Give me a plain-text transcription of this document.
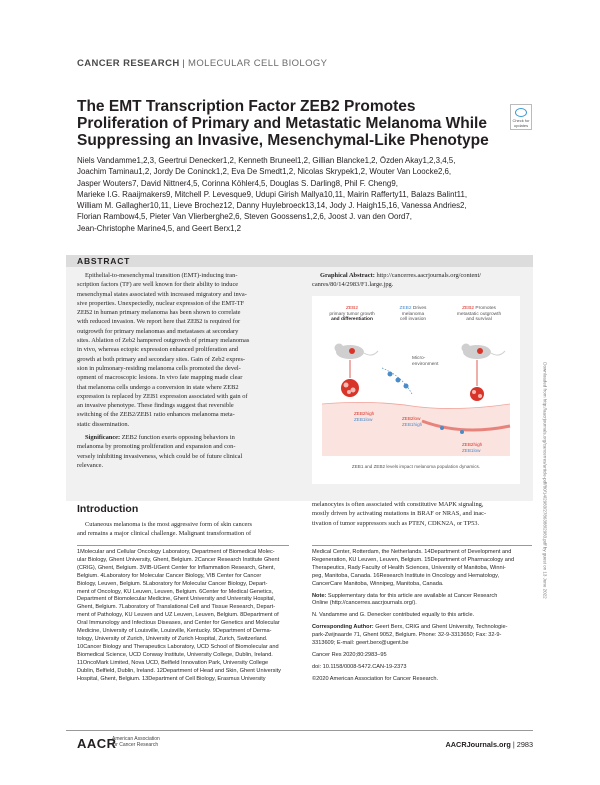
CANCER RESEARCH | MOLECULAR CELL BIOLOGY
The EMT Transcription Factor ZEB2 Promotes
Proliferation of Primary and Metastatic Melanoma While
Suppressing an Invasive, Mesenchymal-Like Phenotype
Check for
updates
Niels Vandamme1,2,3, Geertrui Denecker1,2, Kenneth Bruneel1,2, Gillian Blancke1,2, Özden Akay1,2,3,4,5,
Joachim Taminau1,2, Jordy De Coninck1,2, Eva De Smedt1,2, Nicolas Skrypek1,2, Wouter Van Loocke2,6,
Jasper Wouters7, David Nittner4,5, Corinna Köhler4,5, Douglas S. Darling8, Phil F. Cheng9,
Marieke I.G. Raaijmakers9, Mitchell P. Levesque9, Udupi Girish Mallya10,11, Mairin Rafferty11, Balazs Balint11,
William M. Gallagher10,11, Lieve Brochez12, Danny Huylebroeck13,14, Jody J. Haigh15,16, Vanessa Andries2,
Florian Rambow4,5, Pieter Van Vlierberghe2,6, Steven Goossens1,2,6, Joost J. van den Oord7,
Jean-Christophe Marine4,5, and Geert Berx1,2
ABSTRACT
Epithelial-to-mesenchymal transition (EMT)-inducing tran-
scription factors (TF) are well known for their ability to induce
mesenchymal states associated with increased migratory and inva-
sive properties. Unexpectedly, nuclear expression of the EMT-TF
ZEB2 in human primary melanoma has been shown to correlate
with reduced invasion. We report here that ZEB2 is required for
outgrowth for primary melanomas and metastases at secondary
sites. Ablation of Zeb2 hampered outgrowth of primary melanomas
in vivo, whereas ectopic expression enhanced proliferation and
growth at both primary and secondary sites. Gain of Zeb2 expres-
sion in pulmonary-residing melanoma cells promoted the devel-
opment of macroscopic lesions. In vivo fate mapping made clear
that melanoma cells undergo a conversion in state where ZEB2
expression is replaced by ZEB1 expression associated with gain of
an invasive phenotype. These findings suggest that reversible
switching of the ZEB2/ZEB1 ratio enhances melanoma meta-
static dissemination.
Significance: ZEB2 function exerts opposing behaviors in
melanoma by promoting proliferation and expansion and con-
versely inhibiting invasiveness, which could be of future clinical
relevance.
Graphical Abstract: http://cancerres.aacrjournals.org/content/
canres/80/14/2983/F1.large.jpg.
ZEB2
primary tumor growth
and differentiation
ZEB2 Drives
melanoma
cell invasion
ZEB2 Promotes
metastatic outgrowth
and survival
Micro-
environment
ZEB2high
ZEB1low	ZEB2low
ZEB1high
ZEB2high
ZEB1low
ZEB1 and ZEB2 levels impact melanoma population dynamics.
Introduction
Cutaneous melanoma is the most aggressive form of skin cancers
and remains a major clinical challenge. Malignant transformation of
melanocytes is often associated with constitutive MAPK signaling,
mostly driven by activating mutations in BRAF or NRAS, and inac-
tivation of tumor suppressors such as PTEN, CDKN2A, or TP53.
1Molecular and Cellular Oncology Laboratory, Department of Biomedical Molec-
ular Biology, Ghent University, Ghent, Belgium. 2Cancer Research Institute Ghent
(CRIG), Ghent, Belgium. 3VIB-UGent Center for Inflammation Research, Ghent,
Belgium. 4Laboratory for Molecular Cancer Biology, VIB Center for Cancer
Biology, Leuven, Belgium. 5Laboratory for Molecular Cancer Biology, Depart-
ment of Oncology, KU Leuven, Leuven, Belgium. 6Center for Medical Genetics,
Department of Biomolecular Medicine, Ghent University and University Hospital,
Ghent, Belgium. 7Laboratory of Translational Cell and Tissue Research, Depart-
ment of Pathology, KU Leuven and UZ Leuven, Leuven, Belgium. 8Department of
Oral Immunology and Infectious Diseases, and Center for Genetics and Molecular
Medicine, University of Louisville, Louisville, Kentucky. 9Department of Derma-
tology, University of Zurich, University of Zurich Hospital, Zurich, Switzerland.
10Cancer Biology and Therapeutics Laboratory, UCD School of Biomolecular and
Biomedical Science, UCD Conway Institute, University College, Dublin, Ireland.
11OncoMark Limited, Nova UCD, Belfield Innovation Park, University College
Dublin, Belfield, Dublin, Ireland. 12Department of Head and Skin, Ghent University
Hospital, Ghent, Belgium. 13Department of Cell Biology, Erasmus University
Medical Center, Rotterdam, the Netherlands. 14Department of Development and
Regeneration, KU Leuven, Leuven, Belgium. 15Department of Pharmacology and
Therapeutics, Rady Faculty of Health Sciences, University of Manitoba, Winni-
peg, Manitoba, Canada. 16Research Institute in Oncology and Hematology,
CancerCare Manitoba, Winnipeg, Manitoba, Canada.
Note: Supplementary data for this article are available at Cancer Research
Online (http://cancerres.aacrjournals.org/).
N. Vandamme and G. Denecker contributed equally to this article.
Corresponding Author: Geert Berx, CRIG and Ghent University, Technologie-
park-Zwijnaarde 71, Ghent 9052, Belgium. Phone: 32-9-3313650; Fax: 32-9-
3313609; E-mail: geert.berx@ugent.be
Cancer Res 2020;80:2983–95
doi: 10.1158/0008-5472.CAN-19-2373
©2020 American Association for Cancer Research.
Downloaded from http://aacrjournals.org/cancerres/article-pdf/80/14/2983/2786388/2983.pdf by guest on 13 June 2022
AACR
American Association
for Cancer Research	AACRJournals.org | 2983
